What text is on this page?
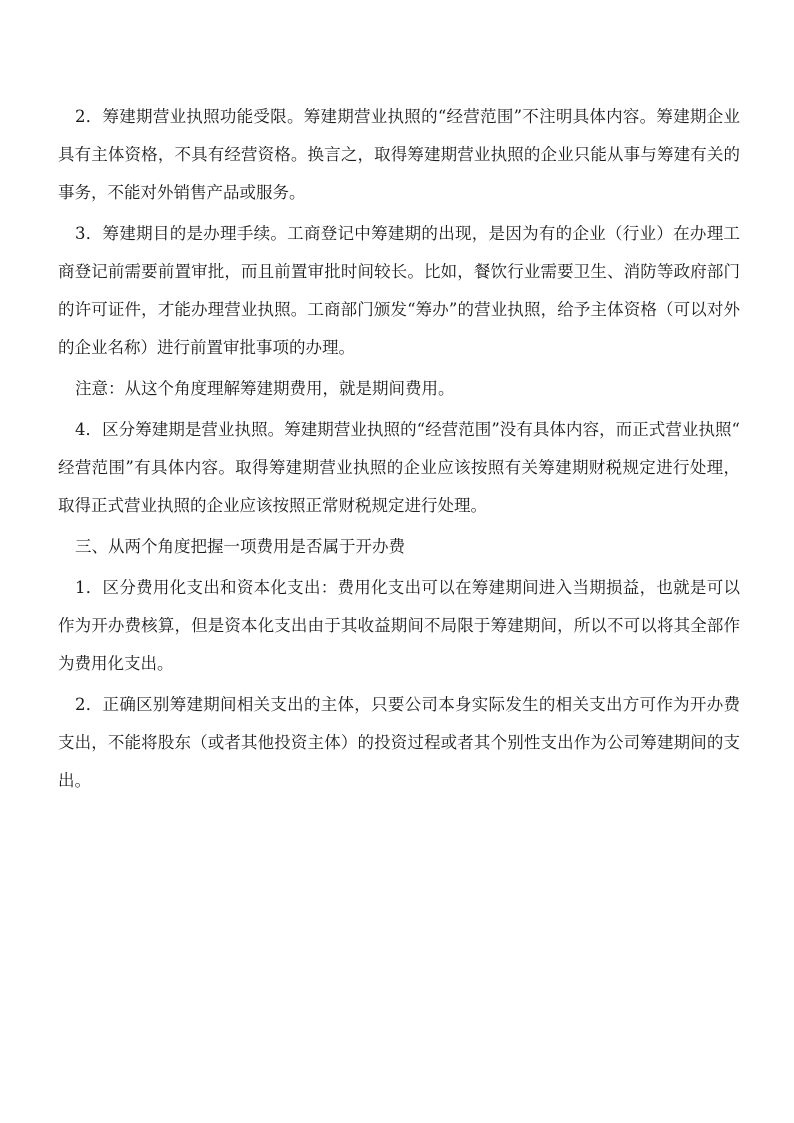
2．筹建期营业执照功能受限。筹建期营业执照的“经营范围”不注明具体内容。筹建期企业具有主体资格，不具有经营资格。换言之，取得筹建期营业执照的企业只能从事与筹建有关的事务，不能对外销售产品或服务。

3．筹建期目的是办理手续。工商登记中筹建期的出现，是因为有的企业（行业）在办理工商登记前需要前置审批，而且前置审批时间较长。比如，餐饮行业需要卫生、消防等政府部门的许可证件，才能办理营业执照。工商部门颁发“筹办”的营业执照，给予主体资格（可以对外的企业名称）进行前置审批事项的办理。

注意：从这个角度理解筹建期费用，就是期间费用。

4．区分筹建期是营业执照。筹建期营业执照的“经营范围”没有具体内容，而正式营业执照“经营范围”有具体内容。取得筹建期营业执照的企业应该按照有关筹建期财税规定进行处理，取得正式营业执照的企业应该按照正常财税规定进行处理。

三、从两个角度把握一项费用是否属于开办费

1．区分费用化支出和资本化支出：费用化支出可以在筹建期间进入当期损益，也就是可以作为开办费核算，但是资本化支出由于其收益期间不局限于筹建期间，所以不可以将其全部作为费用化支出。

2．正确区别筹建期间相关支出的主体，只要公司本身实际发生的相关支出方可作为开办费支出，不能将股东（或者其他投资主体）的投资过程或者其个别性支出作为公司筹建期间的支出。
